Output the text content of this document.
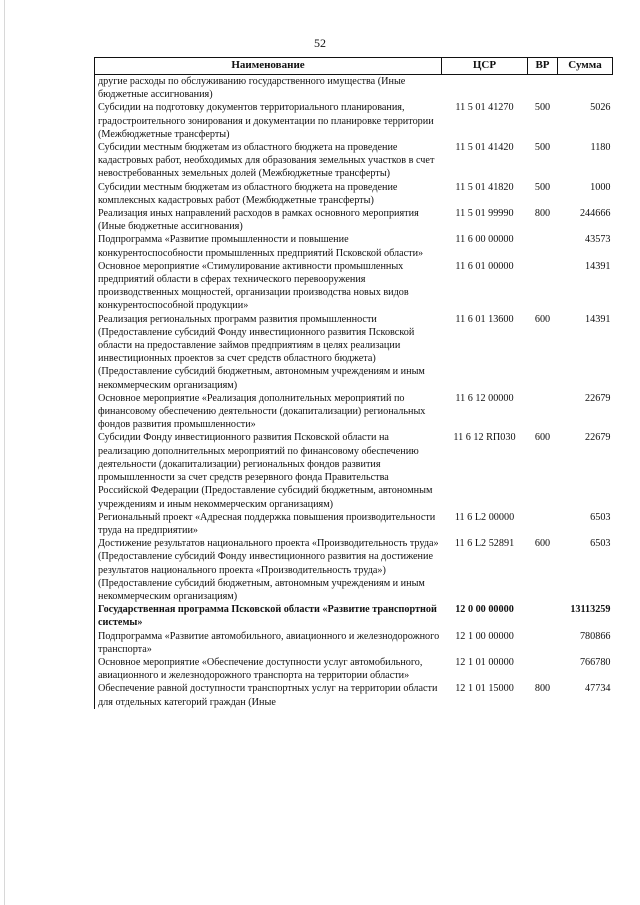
52
Наименование	ЦСР	ВР	Сумма
другие расходы по обслуживанию государственного имущества (Иные бюджетные ассигнования)			
Субсидии на подготовку документов территориального планирования, градостроительного зонирования и документации по планировке территории (Межбюджетные трансферты)	11 5 01 41270	500	5026
Субсидии местным бюджетам из областного бюджета на проведение кадастровых работ, необходимых для образования земельных участков в счет невостребованных земельных долей (Межбюджетные трансферты)	11 5 01 41420	500	1180
Субсидии местным бюджетам из областного бюджета на проведение комплексных кадастровых работ (Межбюджетные трансферты)	11 5 01 41820	500	1000
Реализация иных направлений расходов в рамках основного мероприятия (Иные бюджетные ассигнования)	11 5 01 99990	800	244666
Подпрограмма «Развитие промышленности и повышение конкурентоспособности промышленных предприятий Псковской области»	11 6 00 00000		43573
Основное мероприятие «Стимулирование активности промышленных предприятий области в сферах технического перевооружения производственных мощностей, организации производства новых видов конкурентоспособной продукции»	11 6 01 00000		14391
Реализация региональных программ развития промышленности (Предоставление субсидий Фонду инвестиционного развития Псковской области на предоставление займов предприятиям в целях реализации инвестиционных проектов за счет средств областного бюджета) (Предоставление субсидий бюджетным, автономным учреждениям и иным некоммерческим организациям)	11 6 01 13600	600	14391
Основное мероприятие «Реализация дополнительных мероприятий по финансовому обеспечению деятельности (докапитализации) региональных фондов развития промышленности»	11 6 12 00000		22679
Субсидии Фонду инвестиционного развития Псковской области на реализацию дополнительных мероприятий по финансовому обеспечению деятельности (докапитализации) региональных фондов развития промышленности за счет средств резервного фонда Правительства Российской Федерации (Предоставление субсидий бюджетным, автономным учреждениям и иным некоммерческим организациям)	11 6 12 RП030	600	22679
Региональный проект «Адресная поддержка повышения производительности труда на предприятии»	11 6 L2 00000		6503
Достижение результатов национального проекта «Производительность труда» (Предоставление субсидий Фонду инвестиционного развития на достижение результатов национального проекта «Производительность труда») (Предоставление субсидий бюджетным, автономным учреждениям и иным некоммерческим организациям)	11 6 L2 52891	600	6503
Государственная программа Псковской области «Развитие транспортной системы»	12 0 00 00000		13113259
Подпрограмма «Развитие автомобильного, авиационного и железнодорожного транспорта»	12 1 00 00000		780866
Основное мероприятие «Обеспечение доступности услуг автомобильного, авиационного и железнодорожного транспорта на территории области»	12 1 01 00000		766780
Обеспечение равной доступности транспортных услуг на территории области для отдельных категорий граждан (Иные	12 1 01 15000	800	47734
